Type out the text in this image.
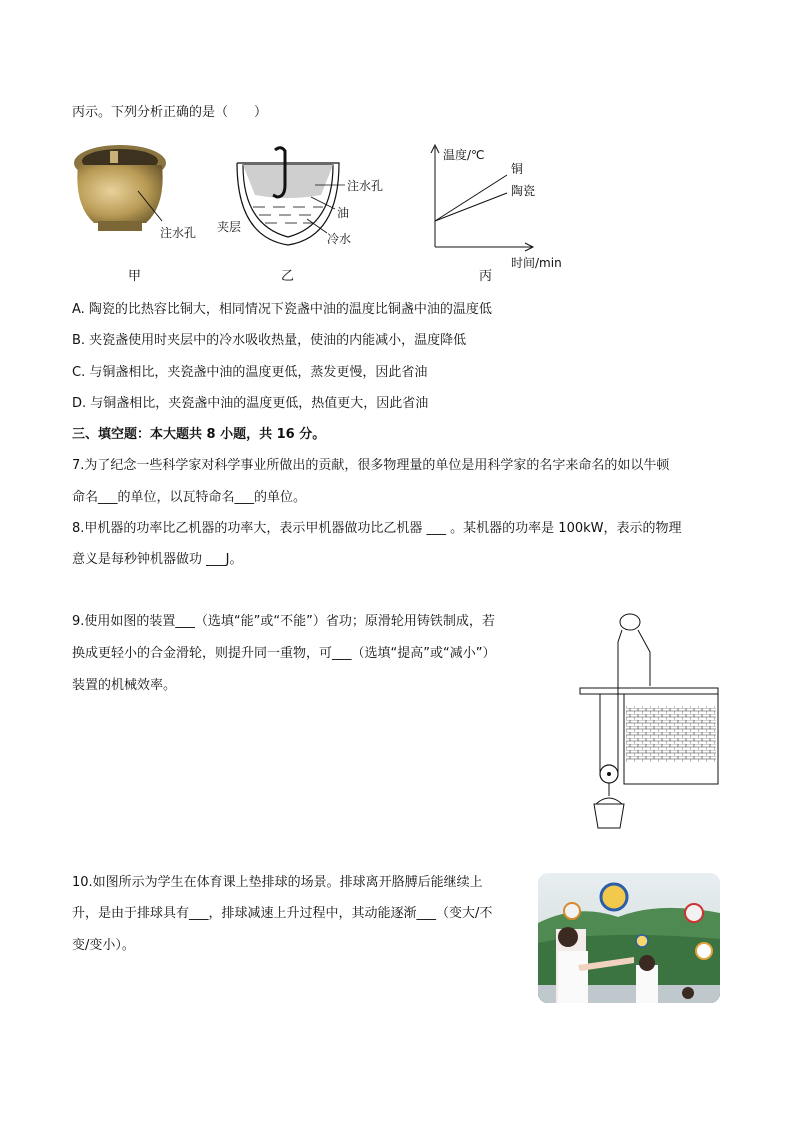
丙示。下列分析正确的是（　　）
注水孔
甲
夹层
注水孔
油
冷水
乙
温度/℃
铜
陶瓷
时间/min
丙
A. 陶瓷的比热容比铜大，相同情况下瓷盏中油的温度比铜盏中油的温度低
B. 夹瓷盏使用时夹层中的冷水吸收热量，使油的内能减小，温度降低
C. 与铜盏相比，夹瓷盏中油的温度更低，蒸发更慢，因此省油
D. 与铜盏相比，夹瓷盏中油的温度更低，热值更大，因此省油
三、填空题：本大题共 8 小题，共 16 分。
7.为了纪念一些科学家对科学事业所做出的贡献，很多物理量的单位是用科学家的名字来命名的如以牛顿
命名___的单位，以瓦特命名___的单位。
8.甲机器的功率比乙机器的功率大，表示甲机器做功比乙机器 ___ 。某机器的功率是 100kW，表示的物理
意义是每秒钟机器做功 ___J。
9.使用如图的装置___（选填“能”或“不能”）省功；原滑轮用铸铁制成，若
换成更轻小的合金滑轮，则提升同一重物，可___（选填“提高”或“减小”）
装置的机械效率。
10.如图所示为学生在体育课上垫排球的场景。排球离开胳膊后能继续上
升，是由于排球具有___，排球减速上升过程中，其动能逐渐___（变大/不
变/变小）。
